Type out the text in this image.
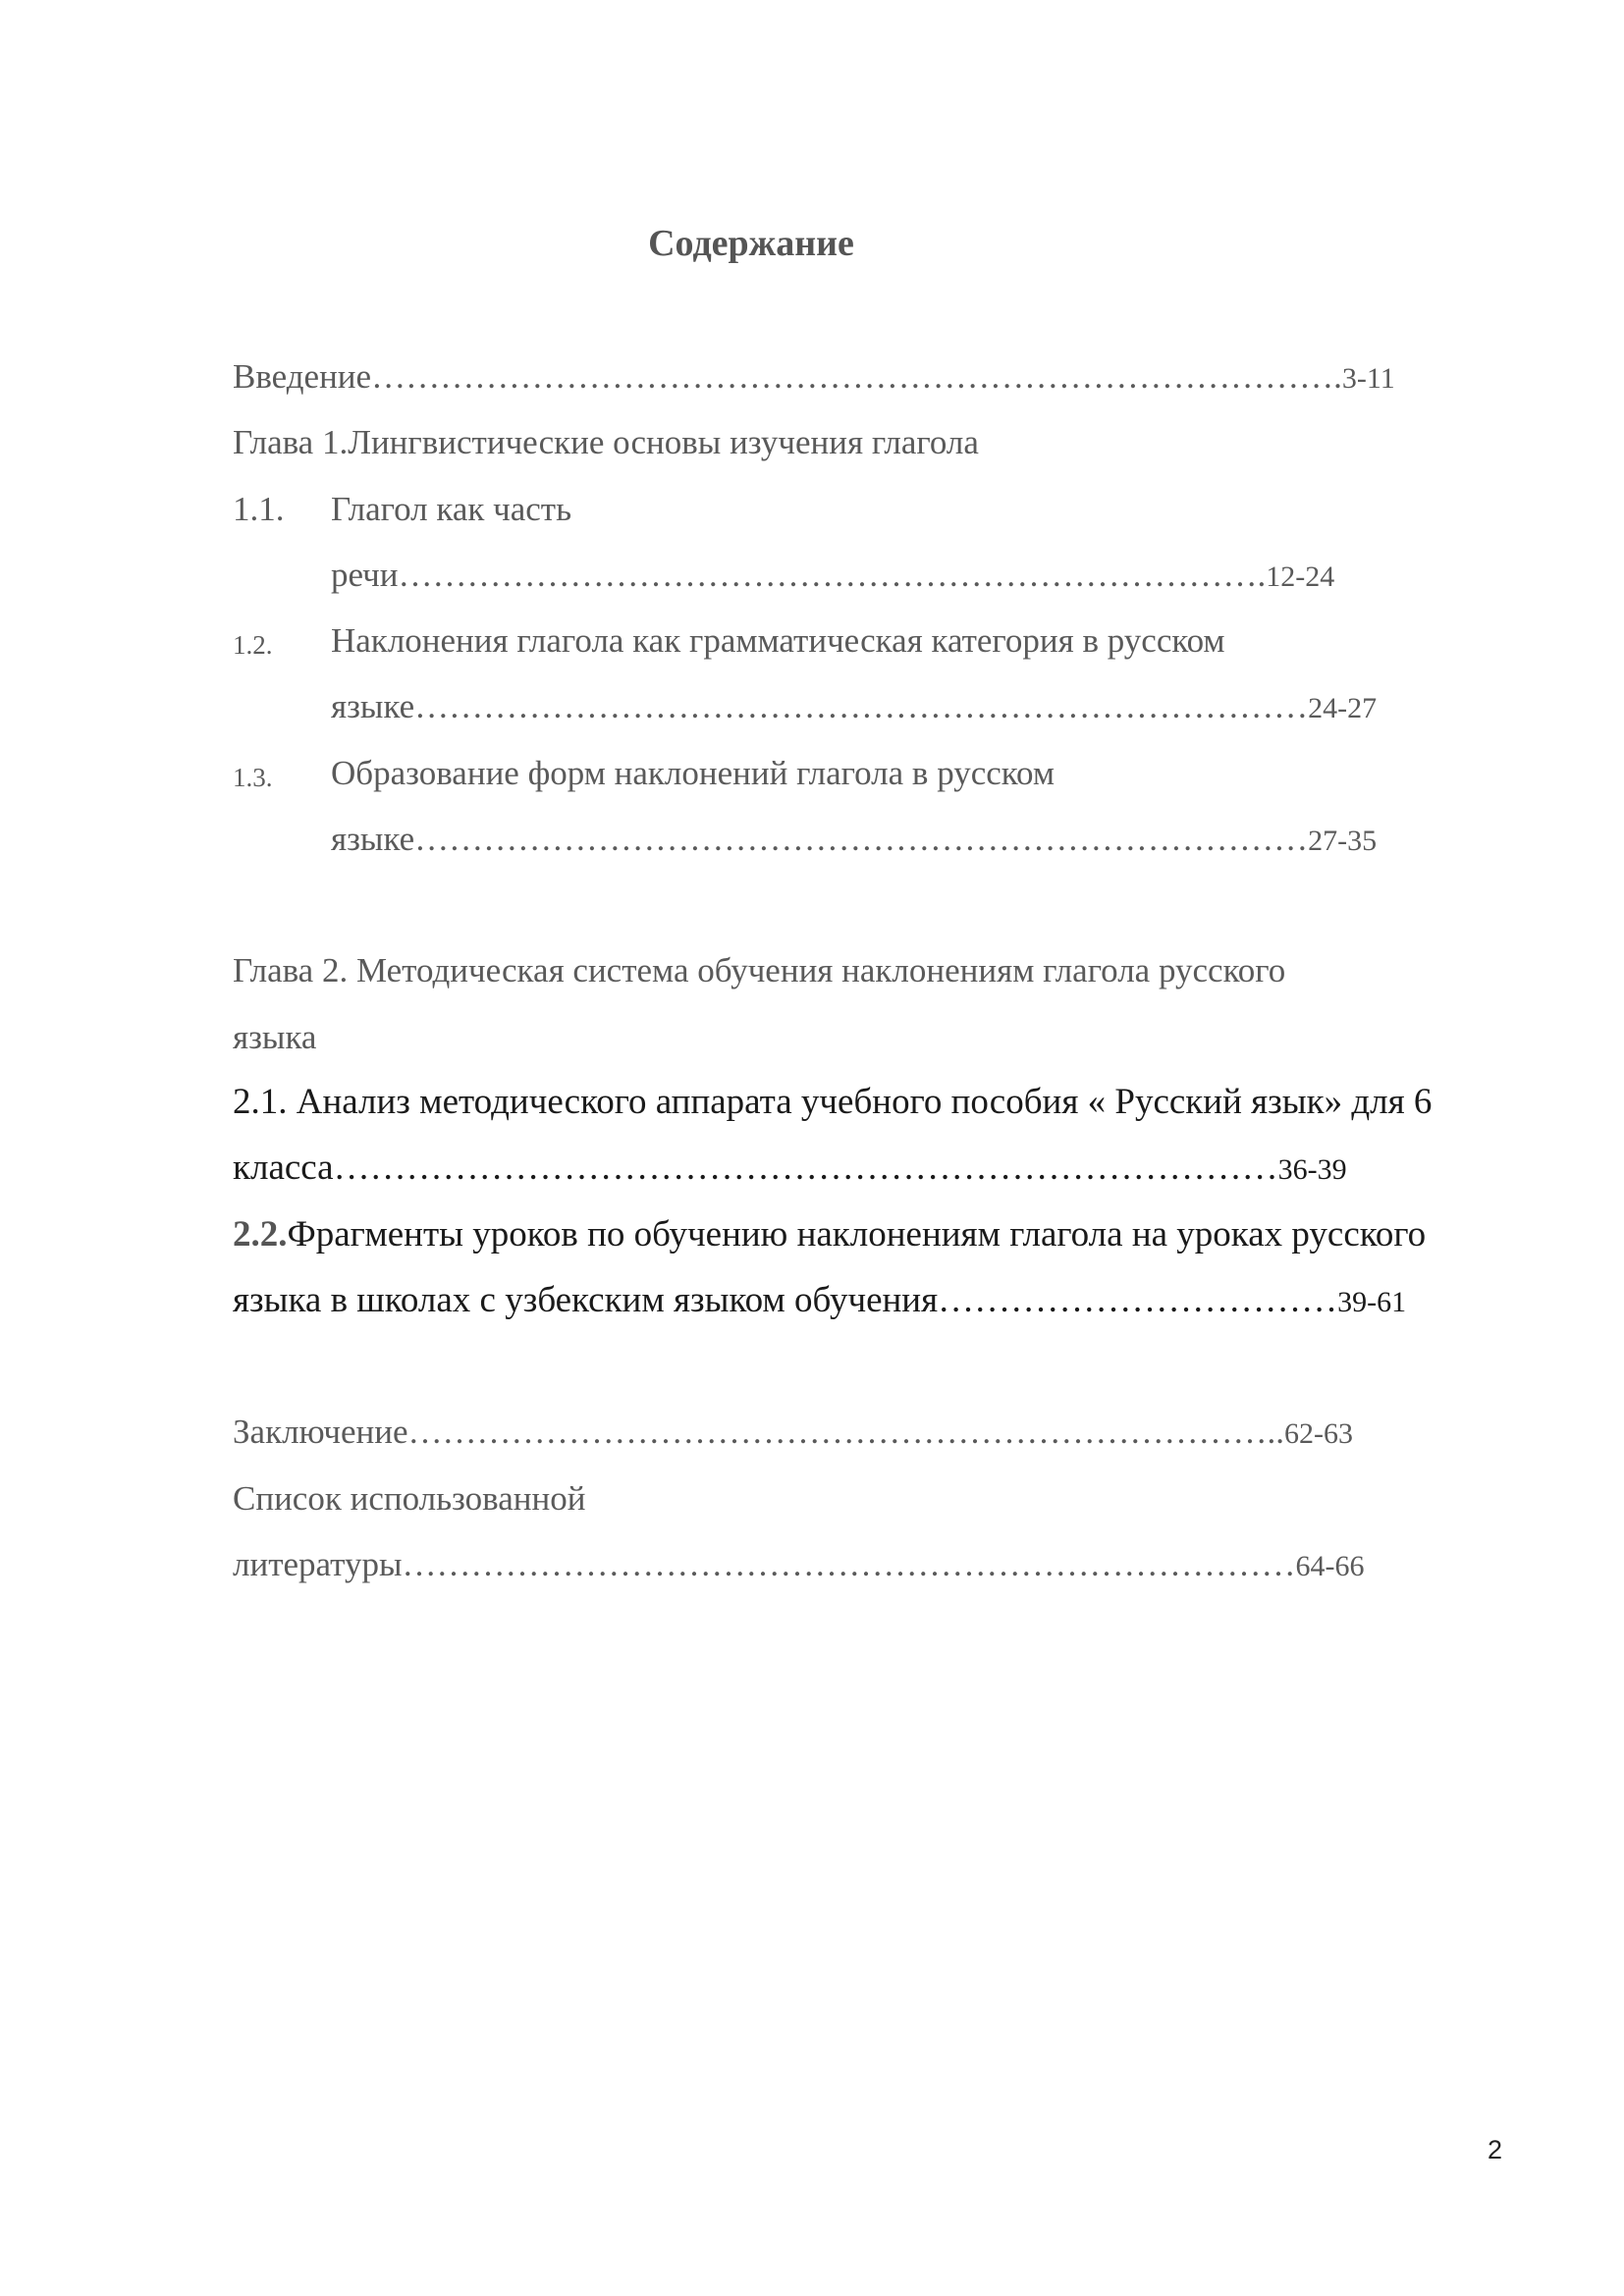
Содержание
Введение………………………………………………………………………….3-11
Глава 1.Лингвистические основы изучения глагола
1.1. Глагол как часть
речи………………………………………………………………….12-24
1.2. Наклонения глагола как грамматическая категория в русском
языке……………………………………………………………………24-27
1.3. Образование форм наклонений глагола в русском
языке……………………………………………………………………27-35
Глава 2. Методическая система обучения наклонениям глагола русского
языка
2.1. Анализ методического аппарата учебного пособия « Русский язык» для 6
класса……………………………………………………………………36-39
2.2.Фрагменты уроков по обучению наклонениям глагола на уроках русского
языка в школах с узбекским языком обучения……………………………39-61
Заключение…………………………………………………………………..62-63
Список использованной
литературы……………………………………………………………………64-66
2
